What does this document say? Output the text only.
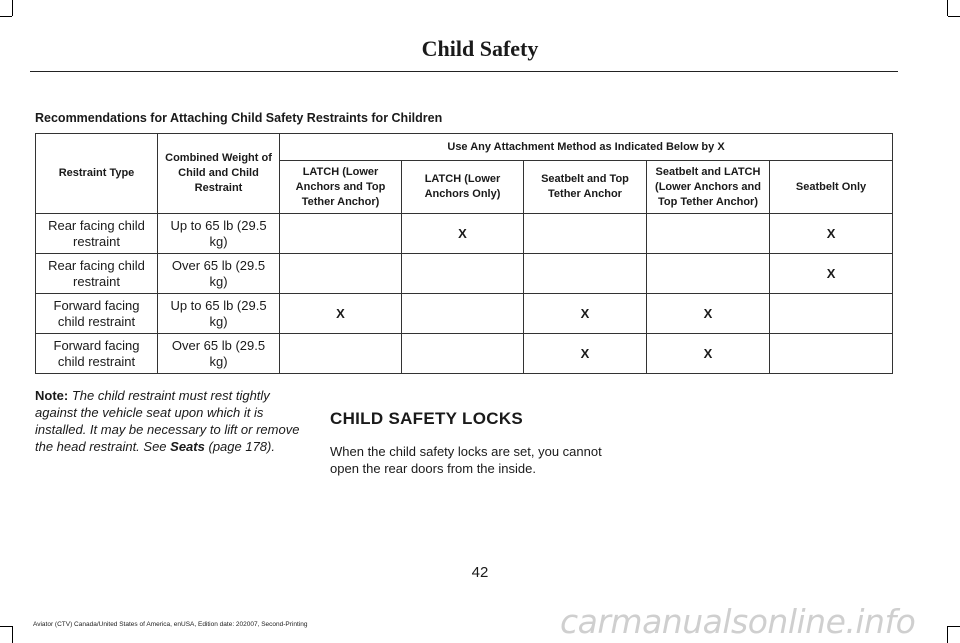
Child Safety
Recommendations for Attaching Child Safety Restraints for Children
Restraint Type	Combined Weight of Child and Child Restraint	Use Any Attachment Method as Indicated Below by X				
		LATCH (Lower Anchors and Top Tether Anchor)	LATCH (Lower Anchors Only)	Seatbelt and Top Tether Anchor	Seatbelt and LATCH (Lower Anchors and Top Tether Anchor)	Seatbelt Only
Rear facing child restraint	Up to 65 lb (29.5 kg)		X			X
Rear facing child restraint	Over 65 lb (29.5 kg)					X
Forward facing child restraint	Up to 65 lb (29.5 kg)	X		X	X	
Forward facing child restraint	Over 65 lb (29.5 kg)			X	X	
Note: The child restraint must rest tightly against the vehicle seat upon which it is installed. It may be necessary to lift or remove the head restraint. See Seats (page 178).
CHILD SAFETY LOCKS
When the child safety locks are set, you cannot open the rear doors from the inside.
42
Aviator (CTV) Canada/United States of America, enUSA, Edition date: 202007, Second-Printing	carmanualsonline.info
